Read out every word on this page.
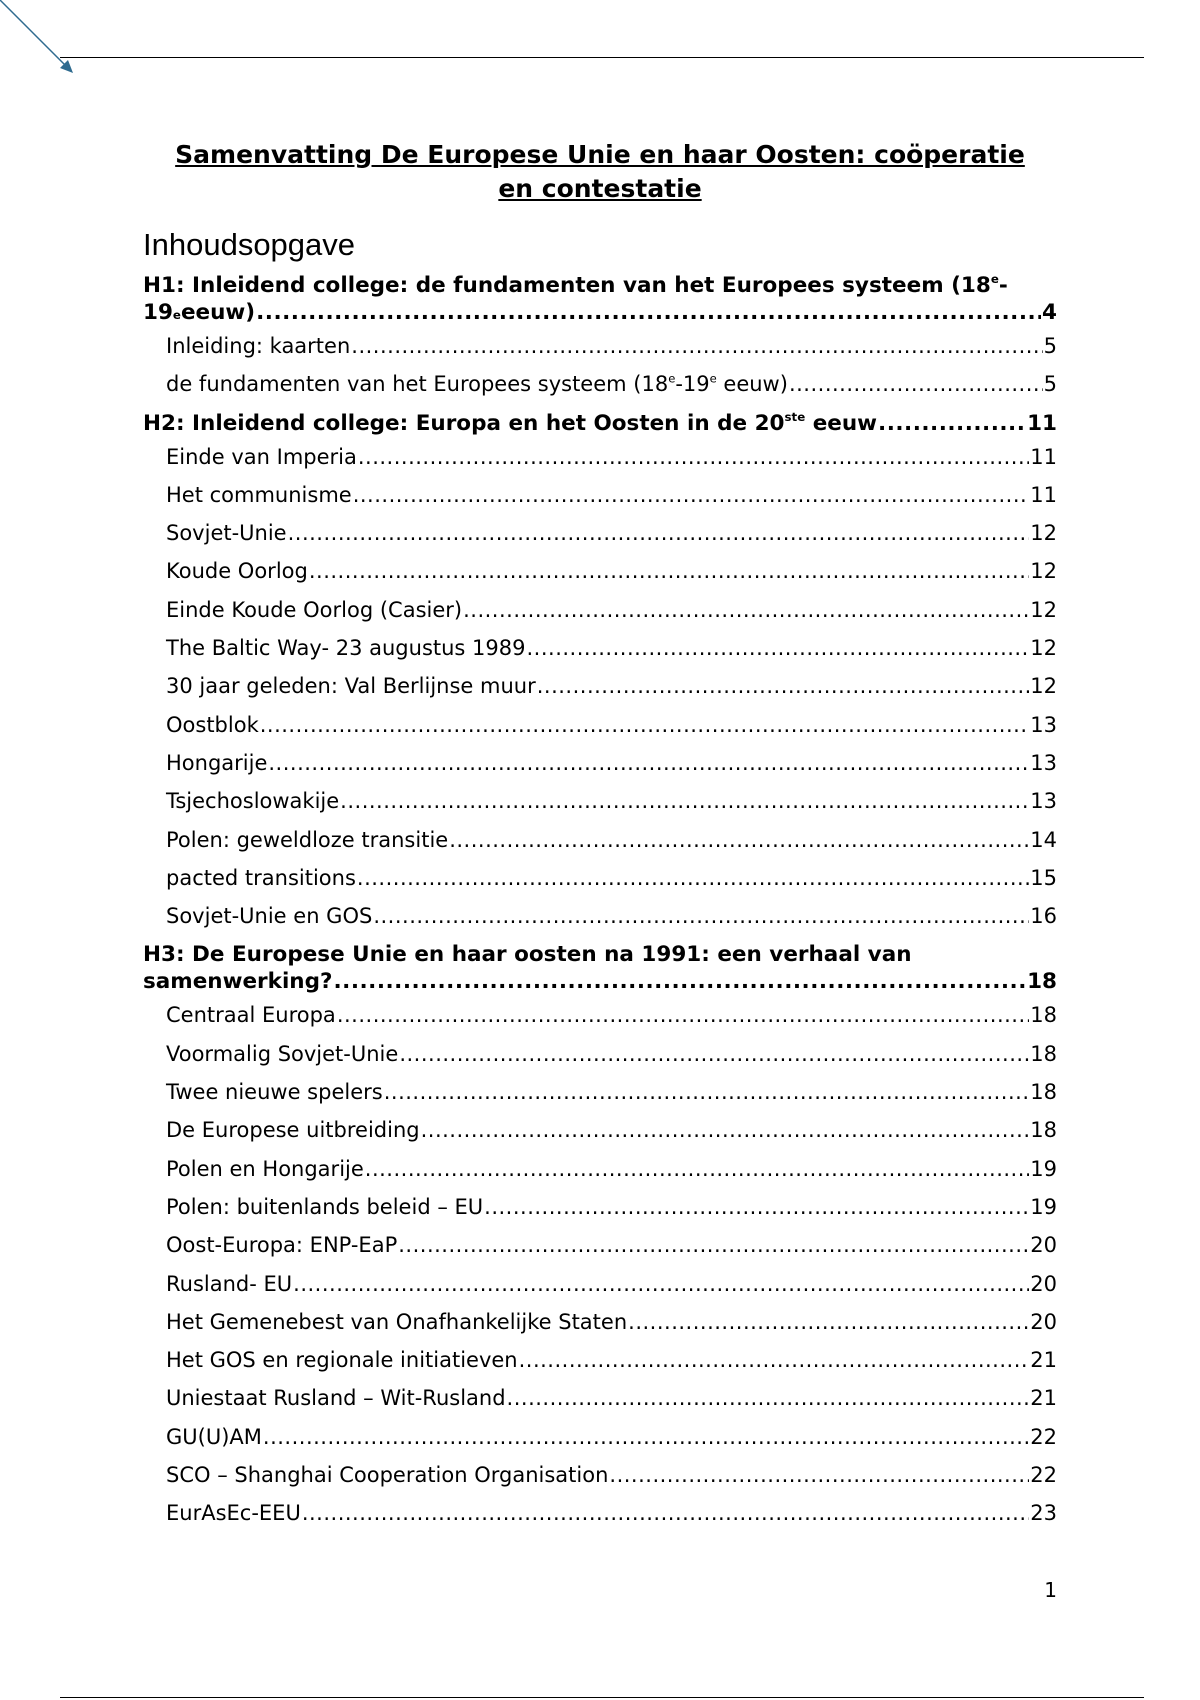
Samenvatting De Europese Unie en haar Oosten: coöperatie
en contestatie
Inhoudsopgave
H1: Inleidend college: de fundamenten van het Europees systeem (18e-
19 e eeuw) .....	4
Inleiding: kaarten .....	5
de fundamenten van het Europees systeem (18e-19e eeuw) .....	5
H2: Inleidend college: Europa en het Oosten in de 20ste eeuw .....	11
Einde van Imperia .....	11
Het communisme .....	11
Sovjet-Unie .....	12
Koude Oorlog .....	12
Einde Koude Oorlog (Casier) .....	12
The Baltic Way- 23 augustus 1989 .....	12
30 jaar geleden: Val Berlijnse muur .....	12
Oostblok .....	13
Hongarije .....	13
Tsjechoslowakije .....	13
Polen: geweldloze transitie .....	14
pacted transitions .....	15
Sovjet-Unie en GOS .....	16
H3: De Europese Unie en haar oosten na 1991: een verhaal van
samenwerking? .....	18
Centraal Europa .....	18
Voormalig Sovjet-Unie .....	18
Twee nieuwe spelers .....	18
De Europese uitbreiding .....	18
Polen en Hongarije .....	19
Polen: buitenlands beleid – EU .....	19
Oost-Europa: ENP-EaP .....	20
Rusland- EU .....	20
Het Gemenebest van Onafhankelijke Staten .....	20
Het GOS en regionale initiatieven .....	21
Uniestaat Rusland – Wit-Rusland .....	21
GU(U)AM .....	22
SCO – Shanghai Cooperation Organisation .....	22
EurAsEc-EEU .....	23
1
